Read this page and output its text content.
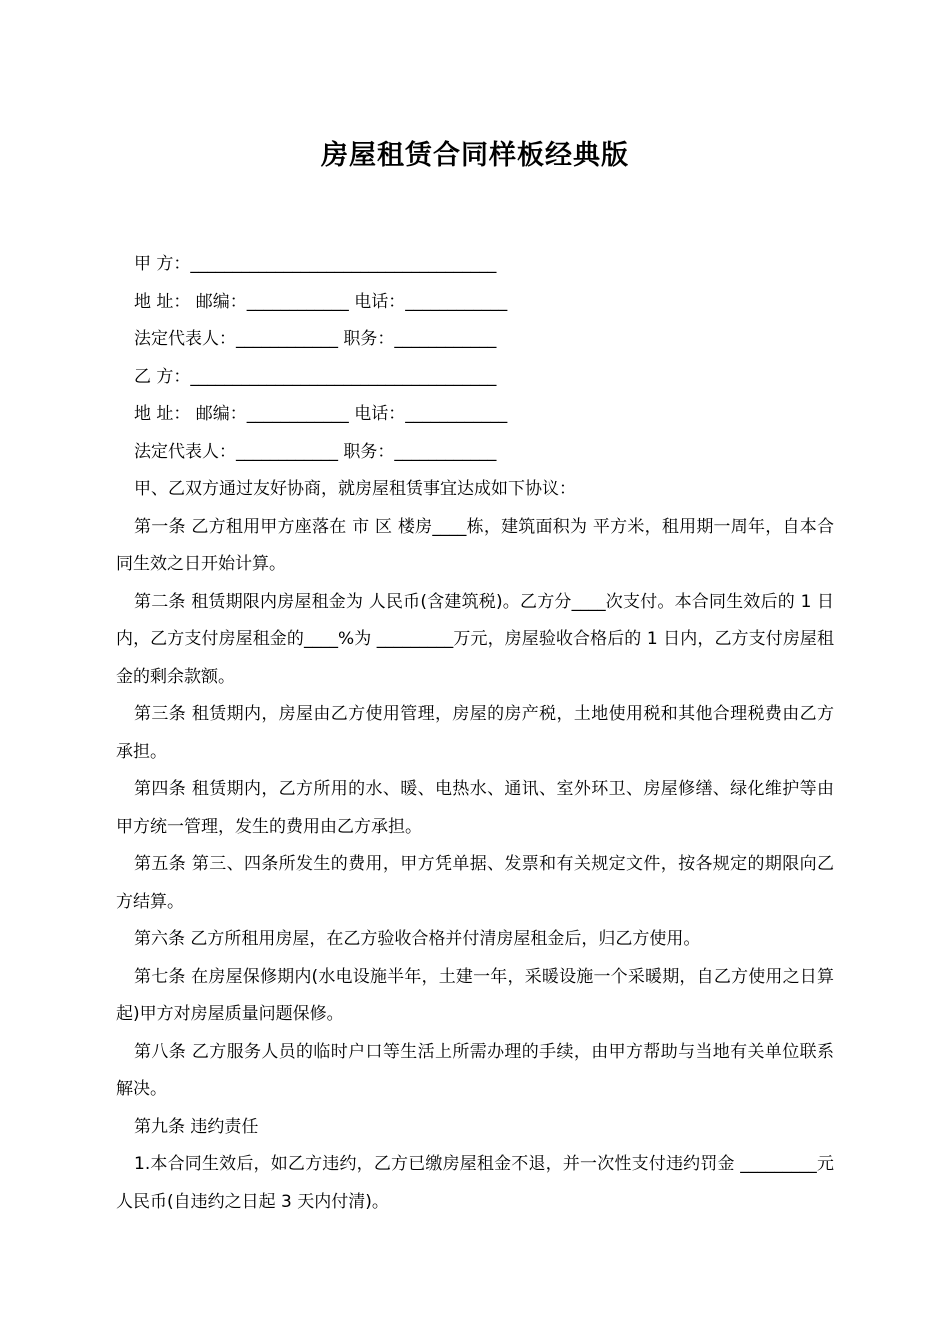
房屋租赁合同样板经典版
甲 方：____________________________________
地 址： 邮编：____________ 电话：____________
法定代表人：____________ 职务：____________
乙 方：____________________________________
地 址： 邮编：____________ 电话：____________
法定代表人：____________ 职务：____________
甲、乙双方通过友好协商，就房屋租赁事宜达成如下协议：
第一条 乙方租用甲方座落在 市 区 楼房____栋，建筑面积为 平方米，租用期一周年，自本合同生效之日开始计算。
第二条 租赁期限内房屋租金为 人民币(含建筑税)。乙方分____次支付。本合同生效后的 1 日内，乙方支付房屋租金的____%为 _________万元，房屋验收合格后的 1 日内，乙方支付房屋租金的剩余款额。
第三条 租赁期内，房屋由乙方使用管理，房屋的房产税，土地使用税和其他合理税费由乙方承担。
第四条 租赁期内，乙方所用的水、暖、电热水、通讯、室外环卫、房屋修缮、绿化维护等由甲方统一管理，发生的费用由乙方承担。
第五条 第三、四条所发生的费用，甲方凭单据、发票和有关规定文件，按各规定的期限向乙方结算。
第六条 乙方所租用房屋，在乙方验收合格并付清房屋租金后，归乙方使用。
第七条 在房屋保修期内(水电设施半年，土建一年，采暖设施一个采暖期，自乙方使用之日算起)甲方对房屋质量问题保修。
第八条 乙方服务人员的临时户口等生活上所需办理的手续，由甲方帮助与当地有关单位联系解决。
第九条 违约责任
1.本合同生效后，如乙方违约，乙方已缴房屋租金不退，并一次性支付违约罚金 _________元人民币(自违约之日起 3 天内付清)。
